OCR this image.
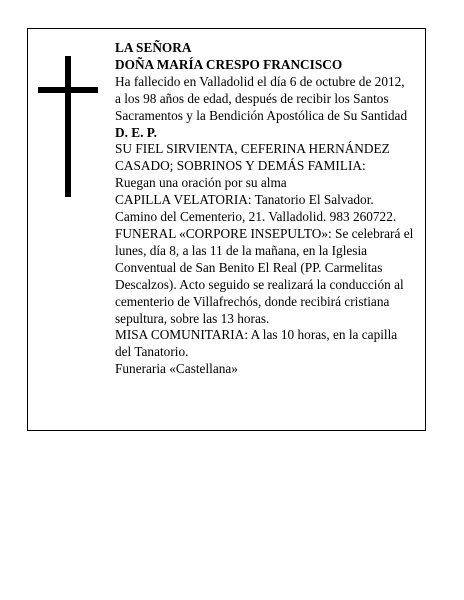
LA SEÑORA
DOÑA MARÍA CRESPO FRANCISCO
Ha fallecido en Valladolid el día 6 de octubre de 2012,
a los 98 años de edad, después de recibir los Santos
Sacramentos y la Bendición Apostólica de Su Santidad
D. E. P.
SU FIEL SIRVIENTA, CEFERINA HERNÁNDEZ
CASADO; SOBRINOS Y DEMÁS FAMILIA:
Ruegan una oración por su alma
CAPILLA VELATORIA: Tanatorio El Salvador.
Camino del Cementerio, 21. Valladolid. 983 260722.
FUNERAL «CORPORE INSEPULTO»: Se celebrará el
lunes, día 8, a las 11 de la mañana, en la Iglesia
Conventual de San Benito El Real (PP. Carmelitas
Descalzos). Acto seguido se realizará la conducción al
cementerio de Villafrechós, donde recibirá cristiana
sepultura, sobre las 13 horas.
MISA COMUNITARIA: A las 10 horas, en la capilla
del Tanatorio.
Funeraria «Castellana»
